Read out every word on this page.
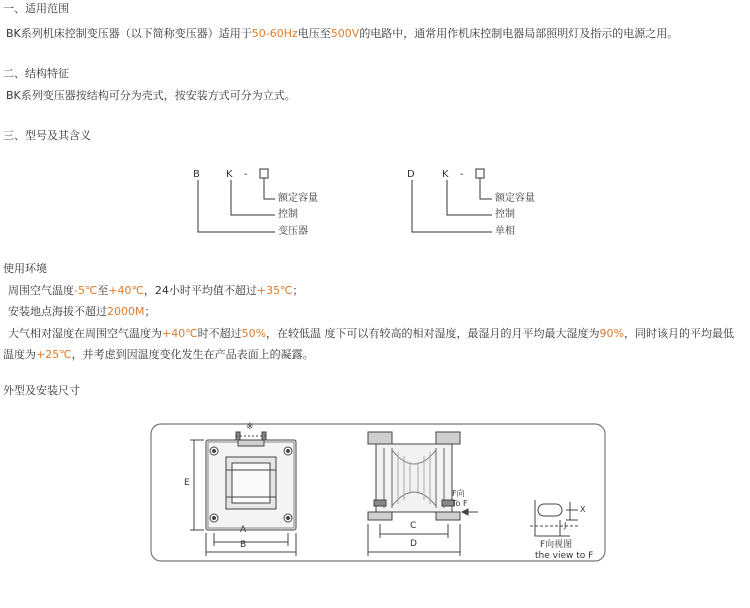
一、适用范围
BK系列机床控制变压器（以下简称变压器）适用于50-60Hz电压至500V的电路中，通常用作机床控制电器局部照明灯及指示的电源之用。
二、结构特征
BK系列变压器按结构可分为壳式，按安装方式可分为立式。
三、型号及其含义
B	K -
额定容量
控制
变压器
D	K -
额定容量
控制
单相
使用环境
周围空气温度-5℃至+40℃，24小时平均值不超过+35℃；
安装地点海拔不超过2000M；
大气相对湿度在周围空气温度为+40℃时不超过50%，在较低温 度下可以有较高的相对湿度，最湿月的月平均最大湿度为90%，同时该月的平均最低
温度为+25℃，并考虑到因温度变化发生在产品表面上的凝露。
外型及安装尺寸
E
A
B
※
C
D
F向
To F
X
J
F向视图
the view to F
